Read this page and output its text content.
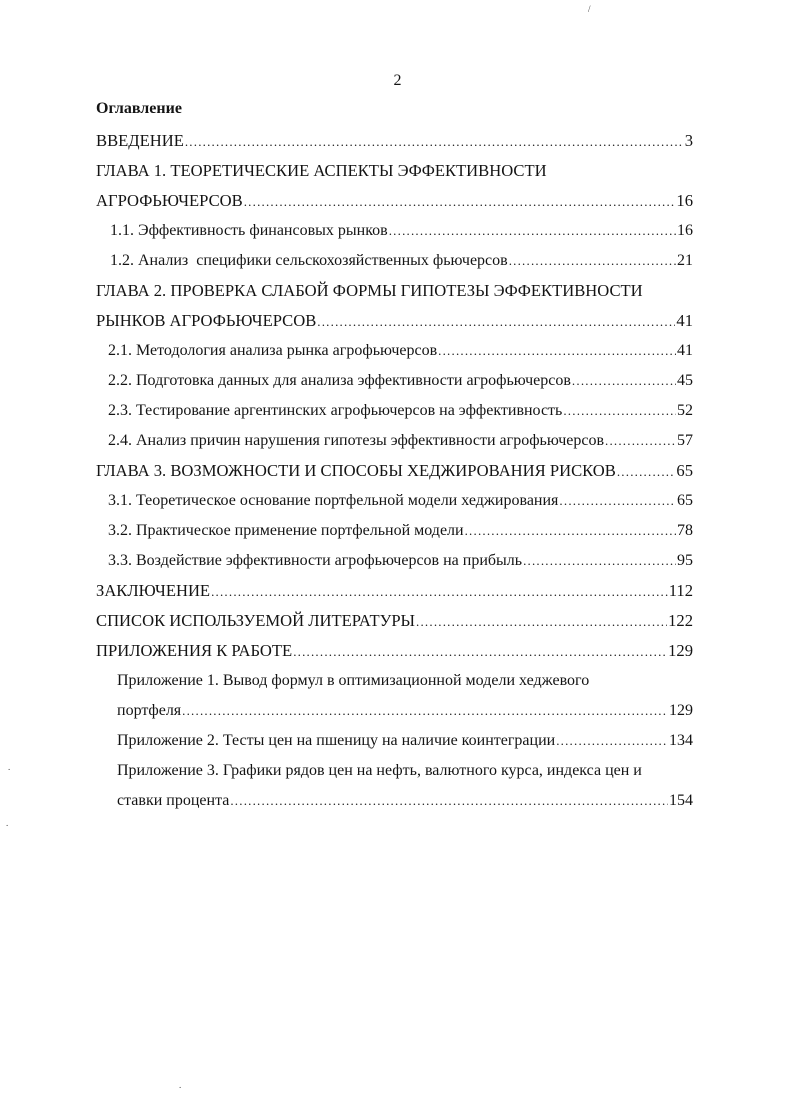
2
Оглавление
ВВЕДЕНИЕ .....	3
ГЛАВА 1. ТЕОРЕТИЧЕСКИЕ АСПЕКТЫ ЭФФЕКТИВНОСТИ
АГРОФЬЮЧЕРСОВ .....	16
1.1. Эффективность финансовых рынков .....	16
1.2. Анализ  специфики сельскохозяйственных фьючерсов .....	21
ГЛАВА 2. ПРОВЕРКА СЛАБОЙ ФОРМЫ ГИПОТЕЗЫ ЭФФЕКТИВНОСТИ
РЫНКОВ АГРОФЬЮЧЕРСОВ .....	41
2.1. Методология анализа рынка агрофьючерсов .....	41
2.2. Подготовка данных для анализа эффективности агрофьючерсов .....	45
2.3. Тестирование аргентинских агрофьючерсов на эффективность .....	52
2.4. Анализ причин нарушения гипотезы эффективности агрофьючерсов .....	57
ГЛАВА 3. ВОЗМОЖНОСТИ И СПОСОБЫ ХЕДЖИРОВАНИЯ РИСКОВ .....	65
3.1. Теоретическое основание портфельной модели хеджирования .....	65
3.2. Практическое применение портфельной модели .....	78
3.3. Воздействие эффективности агрофьючерсов на прибыль .....	95
ЗАКЛЮЧЕНИЕ .....	112
СПИСОК ИСПОЛЬЗУЕМОЙ ЛИТЕРАТУРЫ .....	122
ПРИЛОЖЕНИЯ К РАБОТЕ .....	129
Приложение 1. Вывод формул в оптимизационной модели хеджевого
портфеля .....	129
Приложение 2. Тесты цен на пшеницу на наличие коинтеграции .....	134
Приложение 3. Графики рядов цен на нефть, валютного курса, индекса цен и
ставки процента .....	154
/
.
.
.
